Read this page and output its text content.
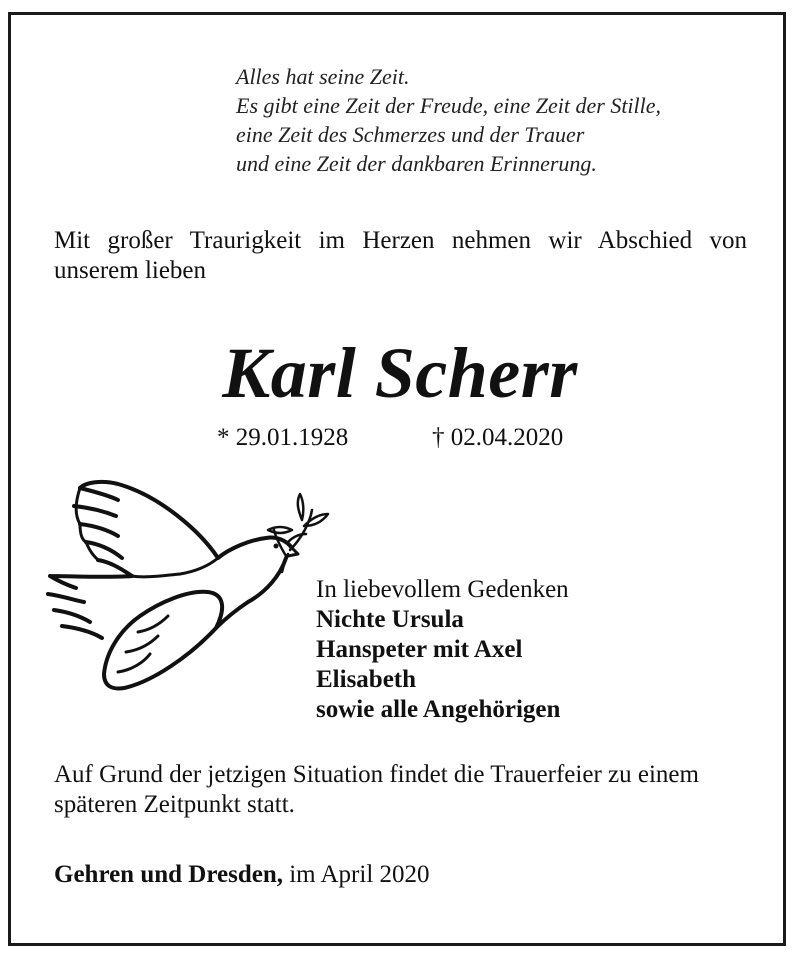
Alles hat seine Zeit.
Es gibt eine Zeit der Freude, eine Zeit der Stille,
eine Zeit des Schmerzes und der Trauer
und eine Zeit der dankbaren Erinnerung.
Mit großer Traurigkeit im Herzen nehmen wir Abschied von unserem lieben
Karl Scherr
* 29.01.1928	† 02.04.2020
In liebevollem Gedenken
Nichte Ursula
Hanspeter mit Axel
Elisabeth
sowie alle Angehörigen
Auf Grund der jetzigen Situation findet die Trauerfeier zu einem späteren Zeitpunkt statt.
Gehren und Dresden, im April 2020
